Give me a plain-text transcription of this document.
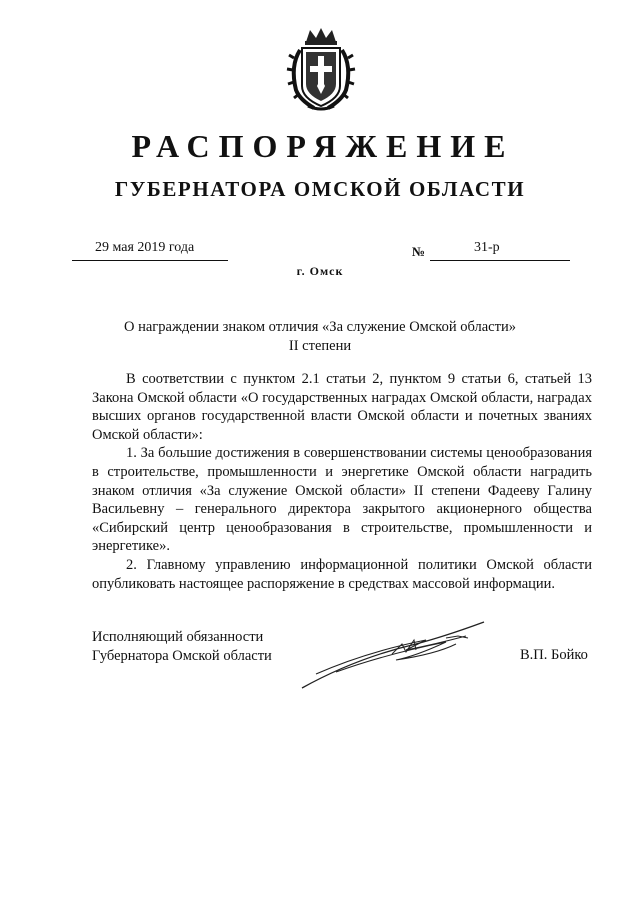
РАСПОРЯЖЕНИЕ
ГУБЕРНАТОРА ОМСКОЙ ОБЛАСТИ
29 мая 2019 года	№	31-р
г. Омск
О награждении знаком отличия «За служение Омской области»
II степени

В соответствии с пунктом 2.1 статьи 2, пунктом 9 статьи 6, статьей 13 Закона Омской области «О государственных наградах Омской области, наградах высших органов государственной власти Омской области и почетных званиях Омской области»:

1. За большие достижения в совершенствовании системы ценообразования в строительстве, промышленности и энергетике Омской области наградить знаком отличия «За служение Омской области» II степени Фадееву Галину Васильевну – генерального директора закрытого акционерного общества «Сибирский центр ценообразования в строительстве, промышленности и энергетике».

2. Главному управлению информационной политики Омской области опубликовать настоящее распоряжение в средствах массовой информации.

Исполняющий обязанности
Губернатора Омской области	В.П. Бойко
